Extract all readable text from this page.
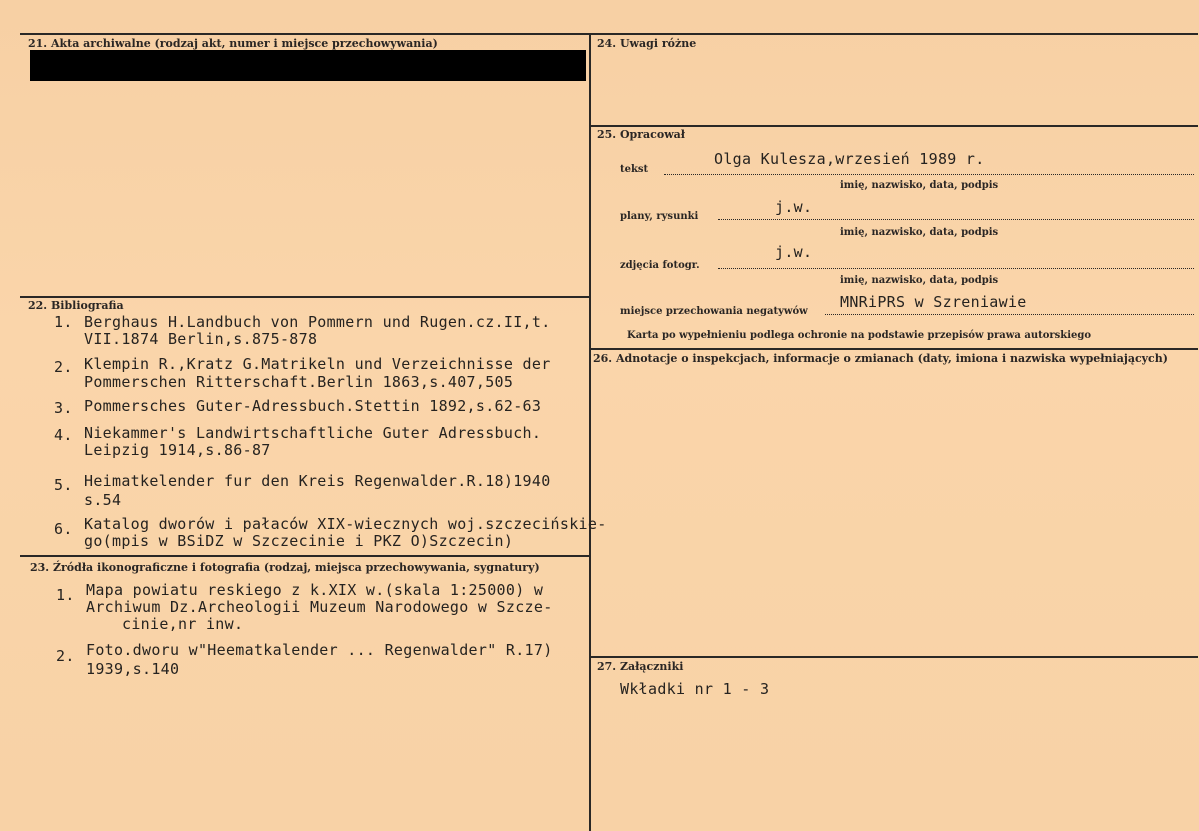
21. Akta archiwalne (rodzaj akt, numer i miejsce przechowywania)
22. Bibliografia
1. Berghaus H.Landbuch von Pommern und Rugen.cz.II,t.
VII.1874 Berlin,s.875-878
2. Klempin R.,Kratz G.Matrikeln und Verzeichnisse der
Pommerschen Ritterschaft.Berlin 1863,s.407,505
3. Pommersches Guter-Adressbuch.Stettin 1892,s.62-63
4. Niekammer's Landwirtschaftliche Guter Adressbuch.
Leipzig 1914,s.86-87
5. Heimatkelender fur den Kreis Regenwalder.R.18)1940
s.54
6. Katalog dworów i pałaców XIX-wiecznych woj.szczecińskie-
go(mpis w BSiDZ w Szczecinie i PKZ O)Szczecin)
23. Źródła ikonograficzne i fotografia (rodzaj, miejsca przechowywania, sygnatury)
1. Mapa powiatu reskiego z k.XIX w.(skala 1:25000) w
Archiwum Dz.Archeologii Muzeum Narodowego w Szcze-
cinie,nr inw.
2. Foto.dworu w"Heematkalender ... Regenwalder" R.17)
1939,s.140
24. Uwagi różne
25. Opracował
tekst
Olga Kulesza,wrzesień 1989 r.
imię, nazwisko, data, podpis
plany, rysunki
j.w.
imię, nazwisko, data, podpis
zdjęcia fotogr.
j.w.
imię, nazwisko, data, podpis
miejsce przechowania negatywów
MNRiPRS w Szreniawie
Karta po wypełnieniu podlega ochronie na podstawie przepisów prawa autorskiego
26. Adnotacje o inspekcjach, informacje o zmianach (daty, imiona i nazwiska wypełniających)
27. Załączniki
Wkładki nr 1 - 3
